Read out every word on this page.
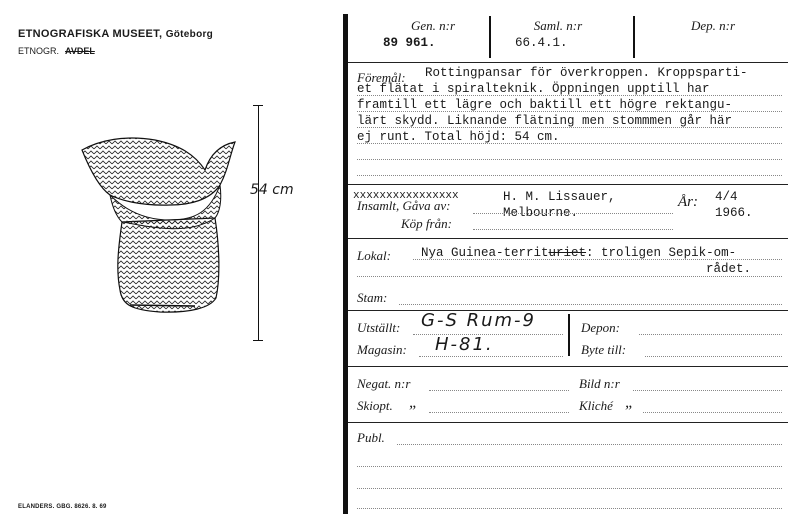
ETNOGRAFISKA MUSEET, Göteborg
ETNOGR. AVDEL
54 cm
ELANDERS. GBG. 8626. 8. 69
Gen. n:r
89 961.
Saml. n:r
66.4.1.
Dep. n:r
Föremål: Rottingpansar för överkroppen. Kroppsparti-
et flätat i spiralteknik. Öppningen upptill har
framtill ett lägre och baktill ett högre rektangu-
lärt skydd. Liknande flätning men stommmen går här
ej runt. Total höjd: 54 cm.
xxxxxxxxxxxxxxxx
Insamlt, Gåva av:
Köp från:
H. M. Lissauer,
Melbourne.
År: 4/4
1966.
Lokal: Nya Guinea-territuriet: troligen Sepik-om-
rådet.
Stam:
Utställt: G-S Rum-9
Magasin: H-81.
Depon:
Byte till:
Negat. n:r	Bild n:r
Skiopt. „	Kliché „
Publ.
